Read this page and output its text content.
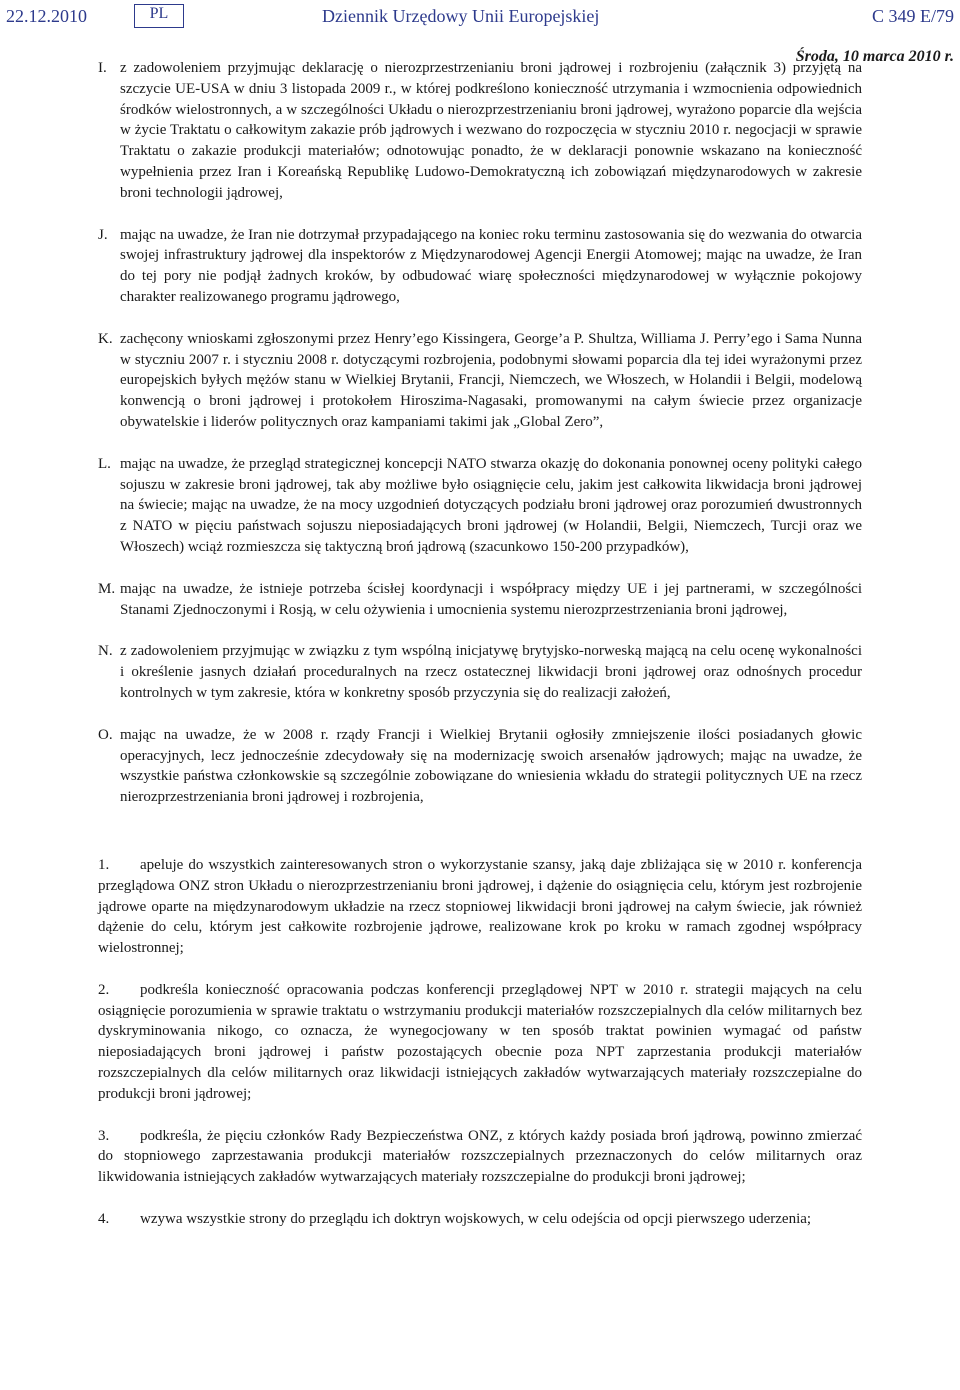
22.12.2010	PL	Dziennik Urzędowy Unii Europejskiej	C 349 E/79
Środa, 10 marca 2010 r.
I. z zadowoleniem przyjmując deklarację o nierozprzestrzenianiu broni jądrowej i rozbrojeniu (załącznik 3) przyjętą na szczycie UE-USA w dniu 3 listopada 2009 r., w której podkreślono konieczność utrzymania i wzmocnienia odpowiednich środków wielostronnych, a w szczególności Układu o nierozprzestrzenianiu broni jądrowej, wyrażono poparcie dla wejścia w życie Traktatu o całkowitym zakazie prób jądrowych i wezwano do rozpoczęcia w styczniu 2010 r. negocjacji w sprawie Traktatu o zakazie produkcji materiałów; odnotowując ponadto, że w deklaracji ponownie wskazano na konieczność wypełnienia przez Iran i Koreańską Republikę Ludowo-Demokratyczną ich zobowiązań międzynarodowych w zakresie broni technologii jądrowej,
J. mając na uwadze, że Iran nie dotrzymał przypadającego na koniec roku terminu zastosowania się do wezwania do otwarcia swojej infrastruktury jądrowej dla inspektorów z Międzynarodowej Agencji Energii Atomowej; mając na uwadze, że Iran do tej pory nie podjął żadnych kroków, by odbudować wiarę społeczności międzynarodowej w wyłącznie pokojowy charakter realizowanego programu jądrowego,
K. zachęcony wnioskami zgłoszonymi przez Henry’ego Kissingera, George’a P. Shultza, Williama J. Perry’ego i Sama Nunna w styczniu 2007 r. i styczniu 2008 r. dotyczącymi rozbrojenia, podobnymi słowami poparcia dla tej idei wyrażonymi przez europejskich byłych mężów stanu w Wielkiej Brytanii, Francji, Niemczech, we Włoszech, w Holandii i Belgii, modelową konwencją o broni jądrowej i protokołem Hiroszima-Nagasaki, promowanymi na całym świecie przez organizacje obywatelskie i liderów politycznych oraz kampaniami takimi jak „Global Zero”,
L. mając na uwadze, że przegląd strategicznej koncepcji NATO stwarza okazję do dokonania ponownej oceny polityki całego sojuszu w zakresie broni jądrowej, tak aby możliwe było osiągnięcie celu, jakim jest całkowita likwidacja broni jądrowej na świecie; mając na uwadze, że na mocy uzgodnień dotyczących podziału broni jądrowej oraz porozumień dwustronnych z NATO w pięciu państwach sojuszu nieposiadających broni jądrowej (w Holandii, Belgii, Niemczech, Turcji oraz we Włoszech) wciąż rozmieszcza się taktyczną broń jądrową (szacunkowo 150-200 przypadków),
M. mając na uwadze, że istnieje potrzeba ścisłej koordynacji i współpracy między UE i jej partnerami, w szczególności Stanami Zjednoczonymi i Rosją, w celu ożywienia i umocnienia systemu nierozprzestrzeniania broni jądrowej,
N. z zadowoleniem przyjmując w związku z tym wspólną inicjatywę brytyjsko-norweską mającą na celu ocenę wykonalności i określenie jasnych działań proceduralnych na rzecz ostatecznej likwidacji broni jądrowej oraz odnośnych procedur kontrolnych w tym zakresie, która w konkretny sposób przyczynia się do realizacji założeń,
O. mając na uwadze, że w 2008 r. rządy Francji i Wielkiej Brytanii ogłosiły zmniejszenie ilości posiadanych głowic operacyjnych, lecz jednocześnie zdecydowały się na modernizację swoich arsenałów jądrowych; mając na uwadze, że wszystkie państwa członkowskie są szczególnie zobowiązane do wniesienia wkładu do strategii politycznych UE na rzecz nierozprzestrzeniania broni jądrowej i rozbrojenia,
1. apeluje do wszystkich zainteresowanych stron o wykorzystanie szansy, jaką daje zbliżająca się w 2010 r. konferencja przeglądowa ONZ stron Układu o nierozprzestrzenianiu broni jądrowej, i dążenie do osiągnięcia celu, którym jest rozbrojenie jądrowe oparte na międzynarodowym układzie na rzecz stopniowej likwidacji broni jądrowej na całym świecie, jak również dążenie do celu, którym jest całkowite rozbrojenie jądrowe, realizowane krok po kroku w ramach zgodnej współpracy wielostronnej;
2. podkreśla konieczność opracowania podczas konferencji przeglądowej NPT w 2010 r. strategii mających na celu osiągnięcie porozumienia w sprawie traktatu o wstrzymaniu produkcji materiałów rozszczepialnych dla celów militarnych bez dyskryminowania nikogo, co oznacza, że wynegocjowany w ten sposób traktat powinien wymagać od państw nieposiadających broni jądrowej i państw pozostających obecnie poza NPT zaprzestania produkcji materiałów rozszczepialnych dla celów militarnych oraz likwidacji istniejących zakładów wytwarzających materiały rozszczepialne do produkcji broni jądrowej;
3. podkreśla, że pięciu członków Rady Bezpieczeństwa ONZ, z których każdy posiada broń jądrową, powinno zmierzać do stopniowego zaprzestawania produkcji materiałów rozszczepialnych przeznaczonych do celów militarnych oraz likwidowania istniejących zakładów wytwarzających materiały rozszczepialne do produkcji broni jądrowej;
4. wzywa wszystkie strony do przeglądu ich doktryn wojskowych, w celu odejścia od opcji pierwszego uderzenia;
